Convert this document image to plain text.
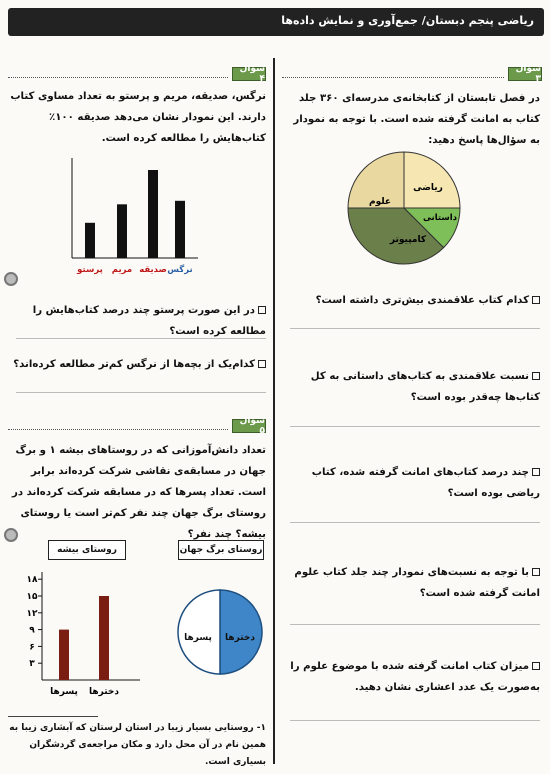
ریاضی پنجم دبستان/ جمع‌آوری و نمایش داده‌ها
سؤال ۳
در فصل تابستان از کتابخانه‌ی مدرسه‌ای ۳۶۰ جلد کتاب به امانت گرفته شده است. با توجه به نمودار به سؤال‌ها پاسخ دهید:
ریاضی
داستانی
کامپیوتر
علوم
کدام کتاب علاقمندی بیش‌تری داشته است؟
نسبت علاقمندی به کتاب‌های داستانی به کل کتاب‌ها چه‌قدر بوده است؟
چند درصد کتاب‌های امانت گرفته شده، کتاب ریاضی بوده است؟
با توجه به نسبت‌های نمودار چند جلد کتاب علوم امانت گرفته شده است؟
میزان کتاب امانت گرفته شده با موضوع علوم را به‌صورت یک عدد اعشاری نشان دهید.
سؤال ۴
نرگس، صدیقه، مریم و پرستو به تعداد مساوی کتاب دارند. این نمودار نشان می‌دهد صدیقه ۱۰۰٪ کتاب‌هایش را مطالعه کرده است.
نرگس
صدیقه
مریم
پرستو
در این صورت پرستو چند درصد کتاب‌هایش را مطالعه کرده است؟
کدام‌یک از بچه‌ها از نرگس کم‌تر مطالعه کرده‌اند؟
سؤال ۵
تعداد دانش‌آموزانی که در روستاهای بیشه ۱ و برگ جهان در مسابقه‌ی نقاشی شرکت کرده‌اند برابر است. تعداد پسرها که در مسابقه شرکت کرده‌اند در روستای برگ جهان چند نفر کم‌تر است یا روستای بیشه؟ چند نفر؟
روستای بیشه	روستای برگ جهان
۳
۶
۹
۱۲
۱۵
۱۸
پسرها دخترها
دخترها
پسرها
۱- روستایی بسیار زیبا در استان لرستان که آبشاری زیبا به همین نام در آن محل دارد و مکان مراجعه‌ی گردشگران بسیاری است.
